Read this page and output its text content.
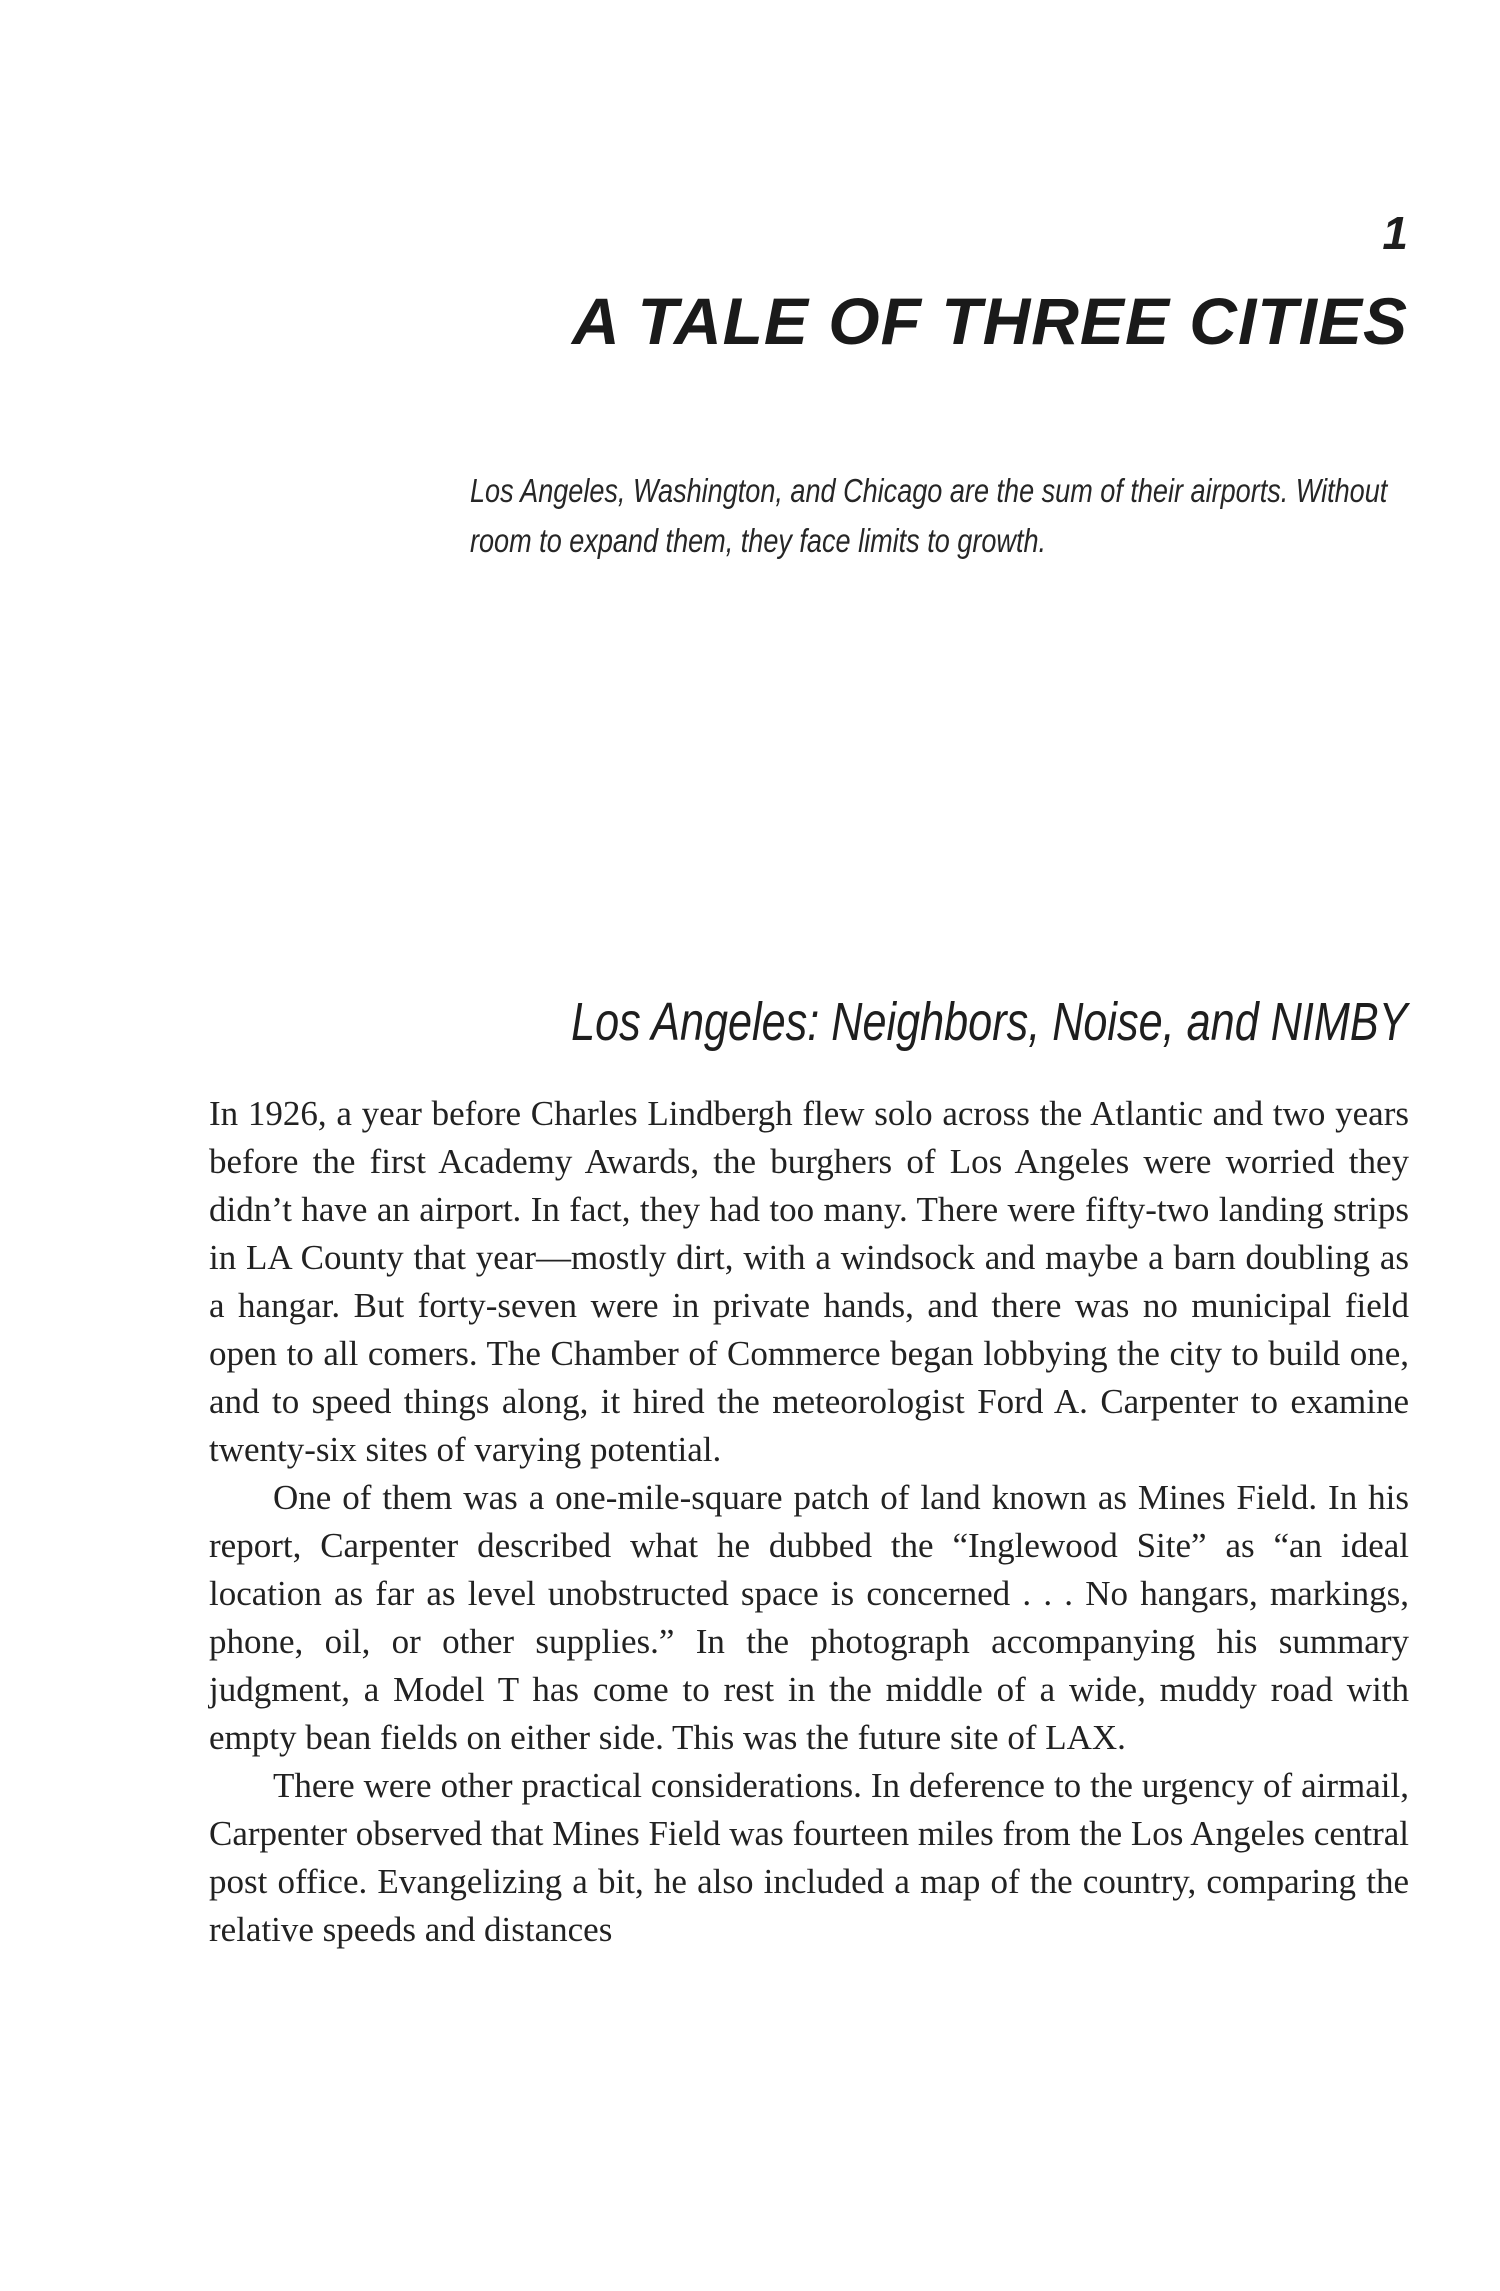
1
A TALE OF THREE CITIES

Los Angeles, Washington, and Chicago are the sum of their airports. Without room to expand them, they face limits to growth.

Los Angeles: Neighbors, Noise, and NIMBY

In 1926, a year before Charles Lindbergh flew solo across the Atlantic and two years before the first Academy Awards, the burghers of Los Angeles were worried they didn’t have an airport. In fact, they had too many. There were fifty-two landing strips in LA County that year—mostly dirt, with a windsock and maybe a barn doubling as a hangar. But forty-seven were in private hands, and there was no municipal field open to all comers. The Chamber of Commerce began lobbying the city to build one, and to speed things along, it hired the meteorologist Ford A. Carpenter to examine twenty-six sites of varying potential.

One of them was a one-mile-square patch of land known as Mines Field. In his report, Carpenter described what he dubbed the “Inglewood Site” as “an ideal location as far as level unobstructed space is concerned . . . No hangars, markings, phone, oil, or other supplies.” In the photograph accompanying his summary judgment, a Model T has come to rest in the middle of a wide, muddy road with empty bean fields on either side. This was the future site of LAX.

There were other practical considerations. In deference to the urgency of airmail, Carpenter observed that Mines Field was fourteen miles from the Los Angeles central post office. Evangelizing a bit, he also included a map of the country, comparing the relative speeds and distances
